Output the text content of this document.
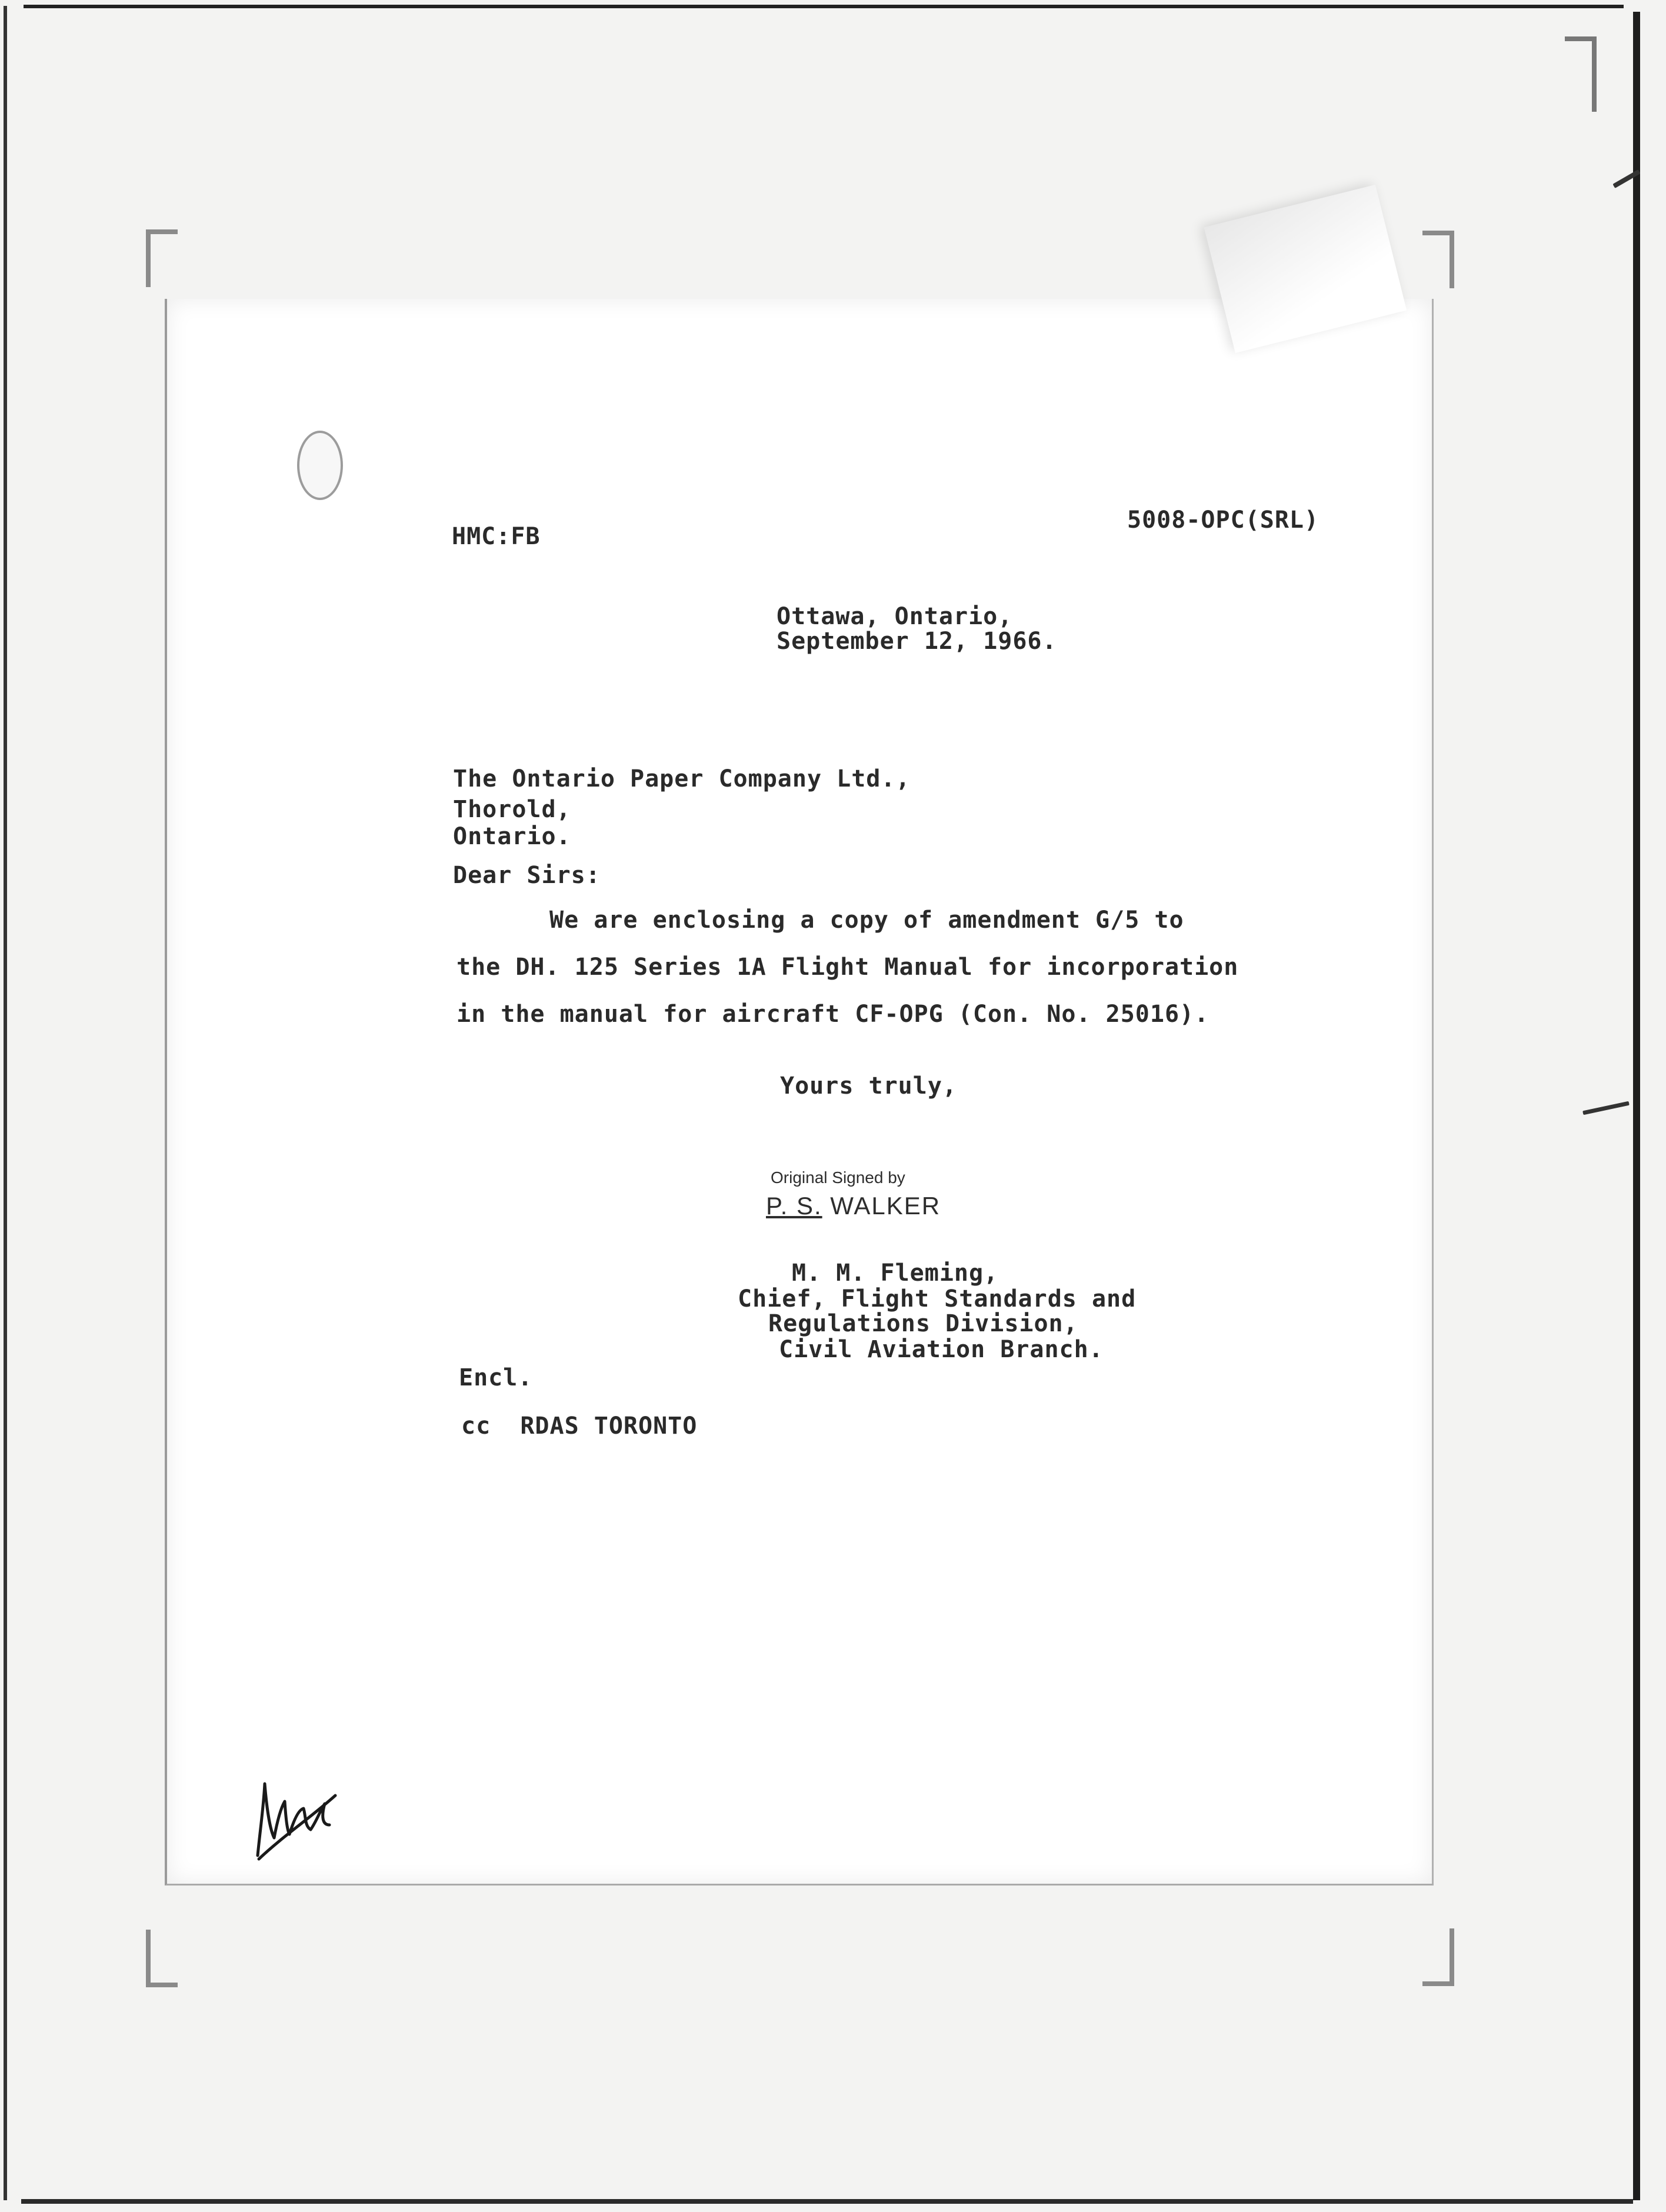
HMC:FB
5008-OPC(SRL)
Ottawa, Ontario,
September 12, 1966.
The Ontario Paper Company Ltd.,
Thorold,
Ontario.
Dear Sirs:
We are enclosing a copy of amendment G/5 to
the DH. 125 Series 1A Flight Manual for incorporation
in the manual for aircraft CF-OPG (Con. No. 25016).
Yours truly,
Original Signed by
P. S. WALKER
M. M. Fleming,
Chief, Flight Standards and
Regulations Division,
Civil Aviation Branch.
Encl.
cc  RDAS TORONTO
